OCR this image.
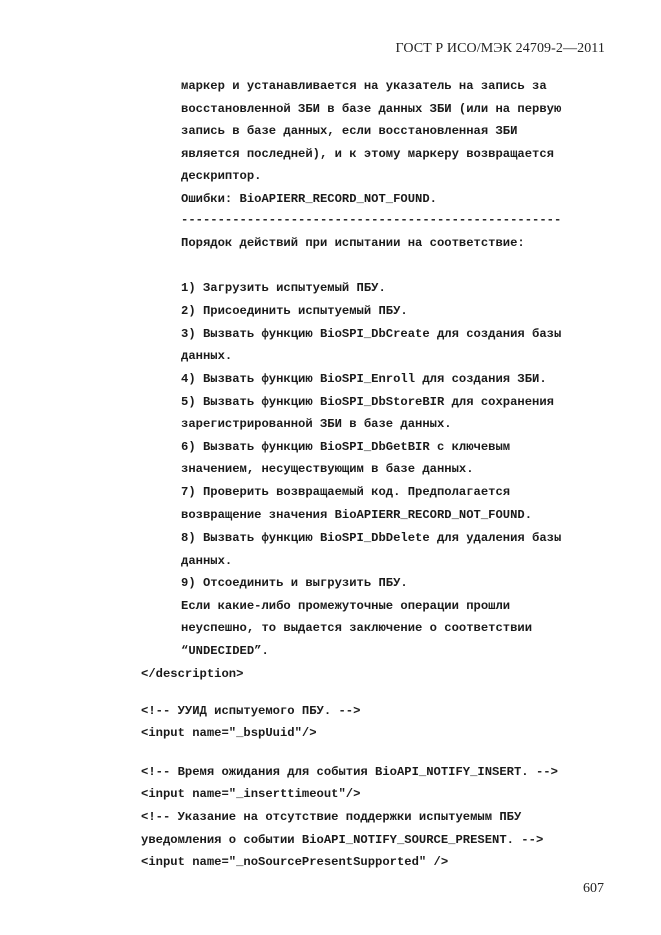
ГОСТ Р ИСО/МЭК 24709-2—2011

маркер и устанавливается на указатель на запись за

восстановленной ЗБИ в базе данных ЗБИ (или на первую

запись в базе данных, если восстановленная ЗБИ

является последней), и к этому маркеру возвращается

дескриптор.

Ошибки: BioAPIERR_RECORD_NOT_FOUND.

----------------------------------------------------

Порядок действий при испытании на соответствие:

1) Загрузить испытуемый ПБУ.

2) Присоединить испытуемый ПБУ.

3) Вызвать функцию BioSPI_DbCreate для создания базы

данных.

4) Вызвать функцию BioSPI_Enroll для создания ЗБИ.

5) Вызвать функцию BioSPI_DbStoreBIR для сохранения

зарегистрированной ЗБИ в базе данных.

6) Вызвать функцию BioSPI_DbGetBIR с ключевым

значением, несуществующим в базе данных.

7) Проверить возвращаемый код. Предполагается

возвращение значения BioAPIERR_RECORD_NOT_FOUND.

8) Вызвать функцию BioSPI_DbDelete для удаления базы

данных.

9) Отсоединить и выгрузить ПБУ.

Если какие-либо промежуточные операции прошли

неуспешно, то выдается заключение о соответствии

“UNDECIDED”.

</description>

<!-- УУИД испытуемого ПБУ. -->

<input name="_bspUuid"/>

<!-- Время ожидания для события BioAPI_NOTIFY_INSERT. -->

<input name="_inserttimeout"/>

<!-- Указание на отсутствие поддержки испытуемым ПБУ

уведомления о событии BioAPI_NOTIFY_SOURCE_PRESENT. -->

<input name="_noSourcePresentSupported" />

607
